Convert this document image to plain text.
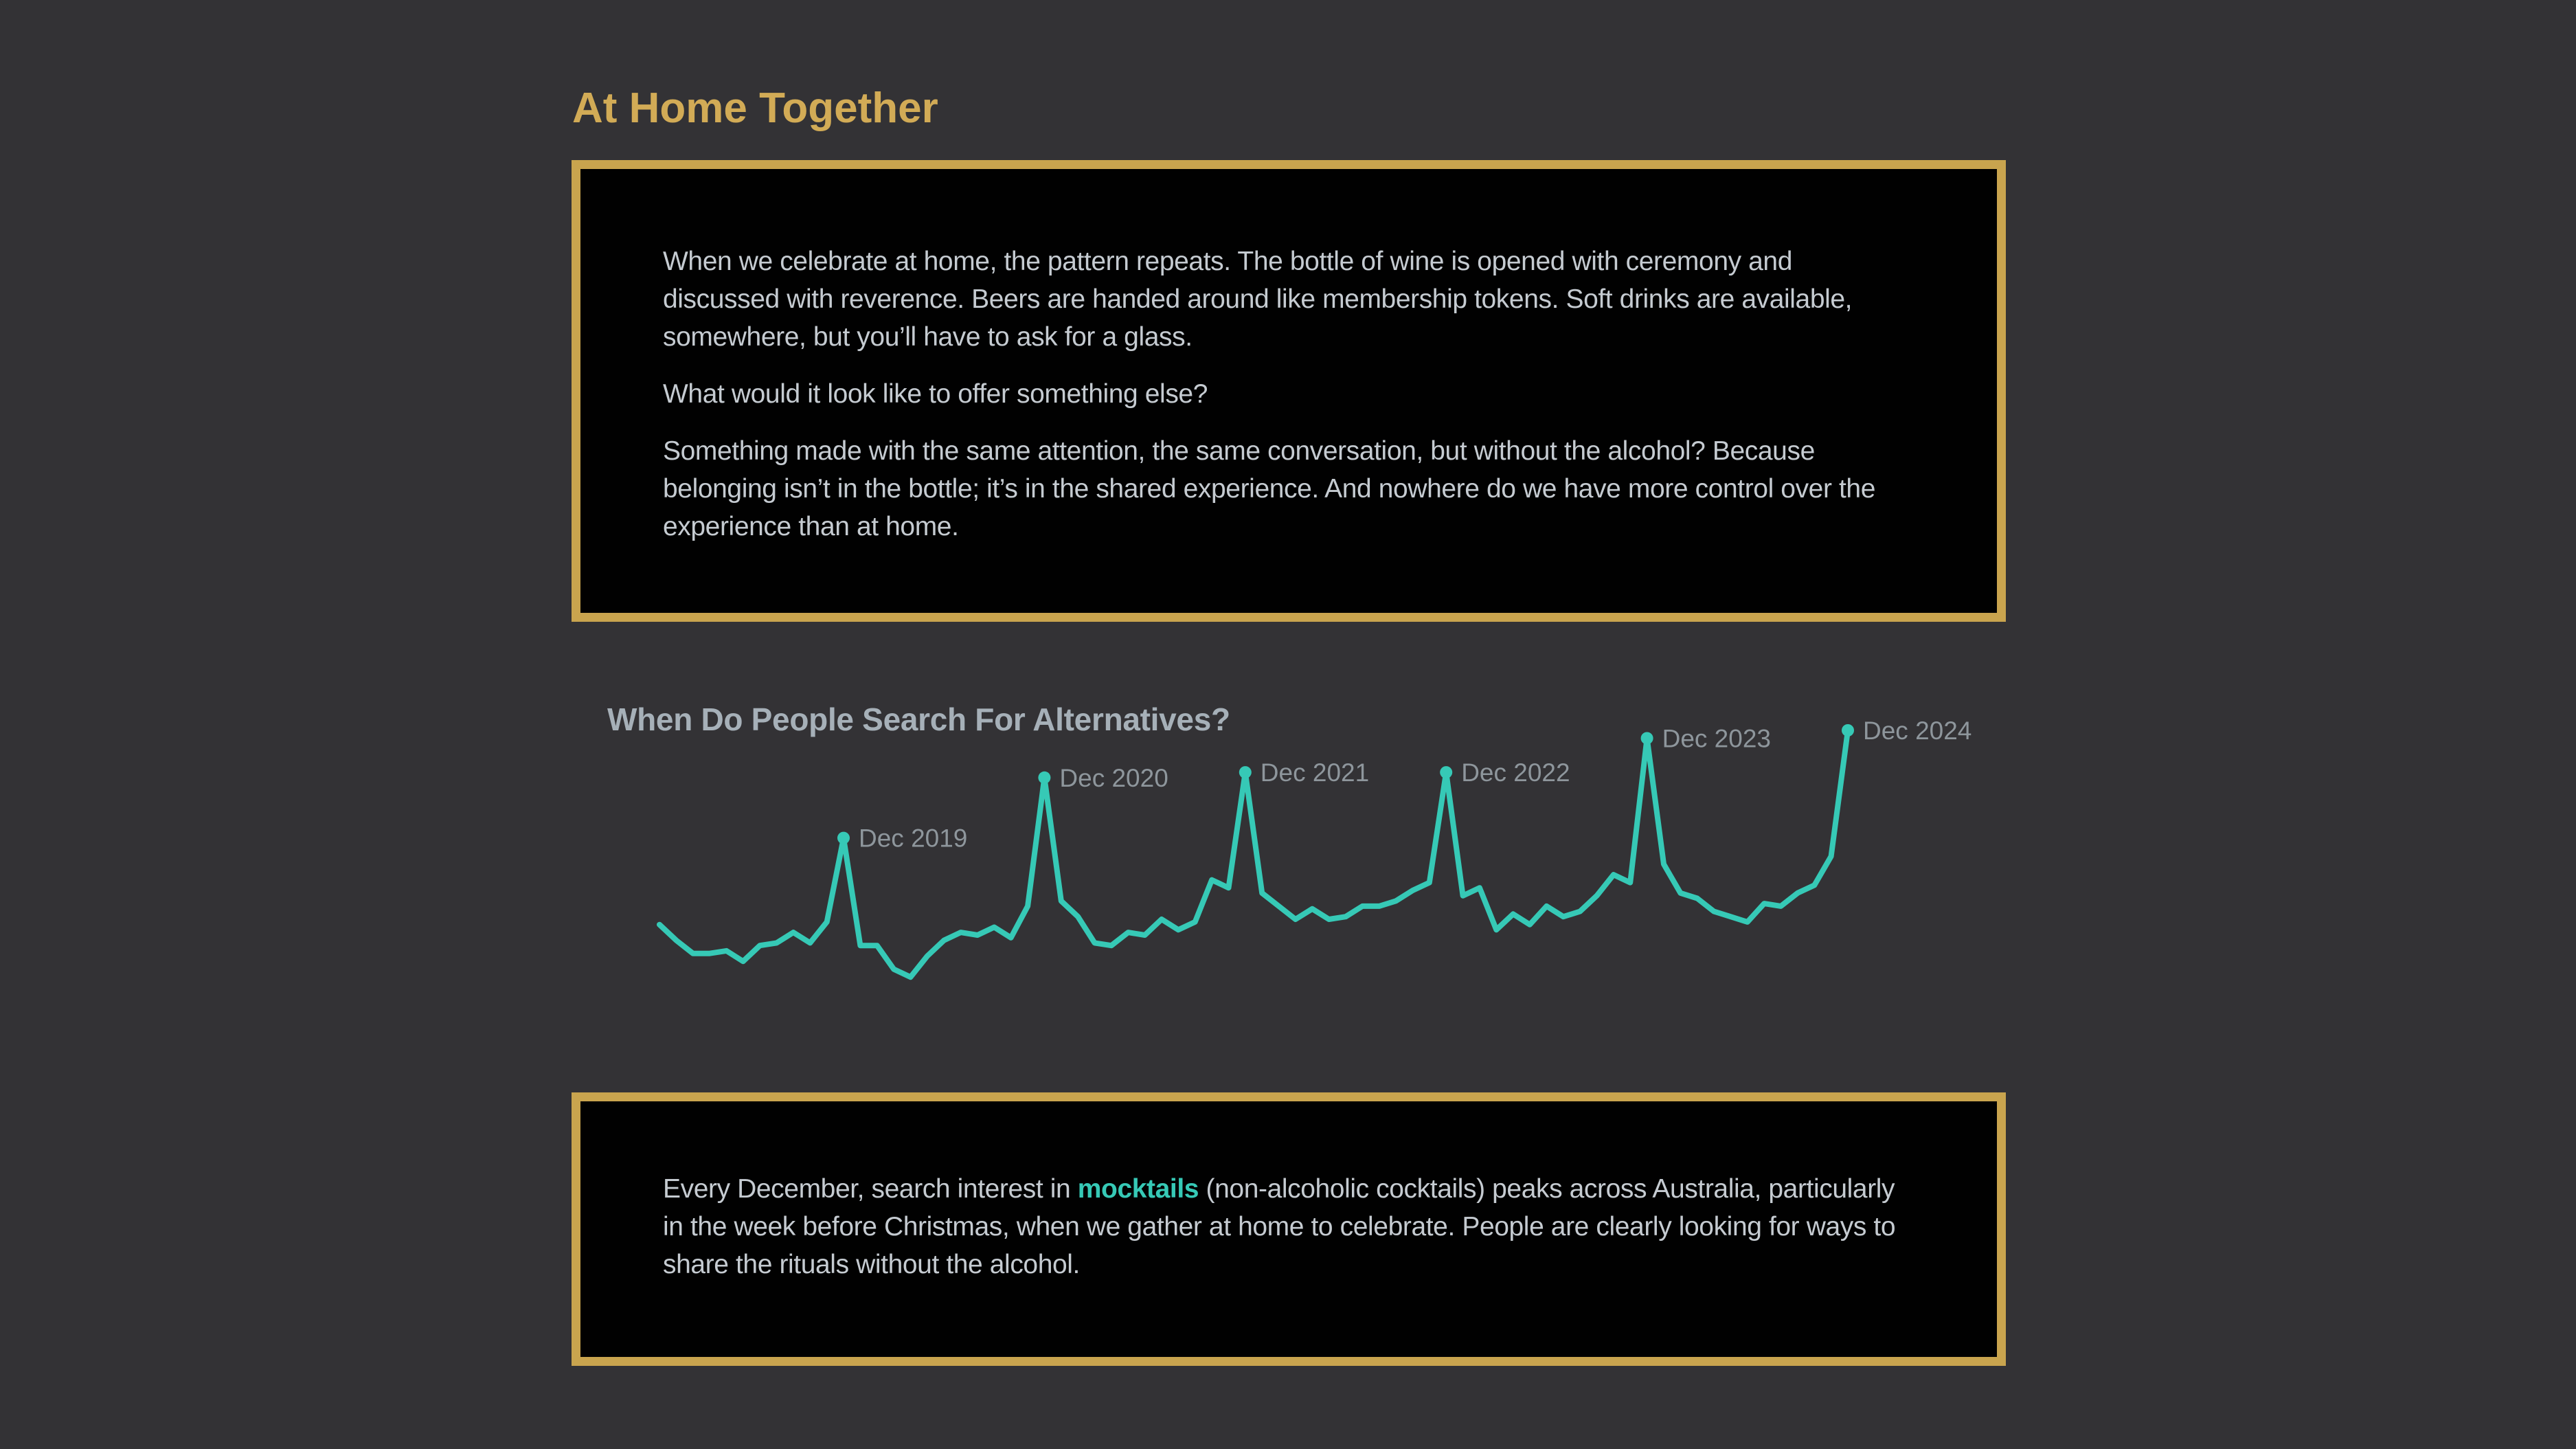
At Home Together

When we celebrate at home, the pattern repeats. The bottle of wine is opened with ceremony and discussed with reverence. Beers are handed around like membership tokens. Soft drinks are available, somewhere, but you’ll have to ask for a glass.

What would it look like to offer something else?

Something made with the same attention, the same conversation, but without the alcohol? Because belonging isn’t in the bottle; it’s in the shared experience. And nowhere do we have more control over the experience than at home.

When Do People Search For Alternatives?
Dec 2019
Dec 2020	Dec 2021	Dec 2022
Dec 2023	Dec 2024

Every December, search interest in mocktails (non-alcoholic cocktails) peaks across Australia, particularly in the week before Christmas, when we gather at home to celebrate. People are clearly looking for ways to share the rituals without the alcohol.
